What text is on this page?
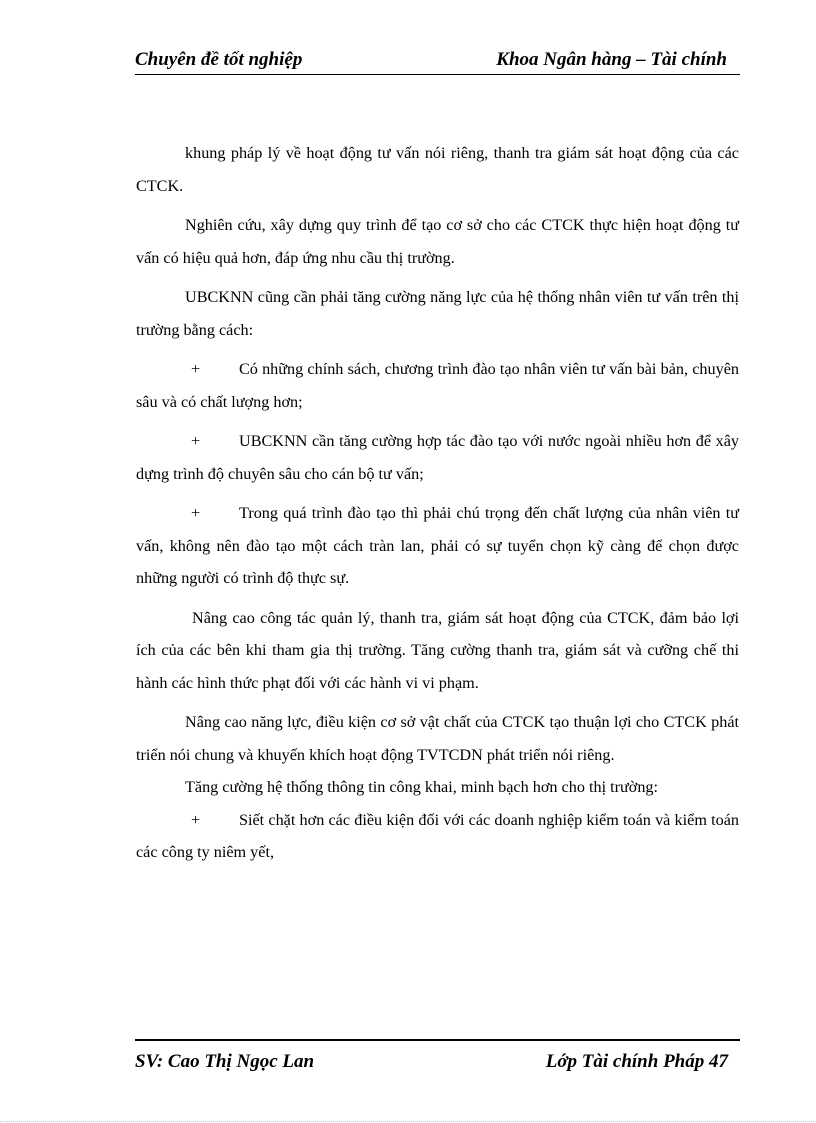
Chuyên đề tốt nghiệp	Khoa Ngân hàng – Tài chính

khung pháp lý về hoạt động tư vấn nói riêng, thanh tra giám sát hoạt động của các CTCK.

Nghiên cứu, xây dựng quy trình để tạo cơ sở cho các CTCK thực hiện hoạt động tư vấn có hiệu quả hơn, đáp ứng nhu cầu thị trường.

UBCKNN cũng cần phải tăng cường năng lực của hệ thống nhân viên tư vấn trên thị trường bằng cách:

+ Có những chính sách, chương trình đào tạo nhân viên tư vấn bài bản, chuyên sâu và có chất lượng hơn;

+ UBCKNN cần tăng cường hợp tác đào tạo với nước ngoài nhiều hơn để xây dựng trình độ chuyên sâu cho cán bộ tư vấn;

+ Trong quá trình đào tạo thì phải chú trọng đến chất lượng của nhân viên tư vấn, không nên đào tạo một cách tràn lan, phải có sự tuyển chọn kỹ càng để chọn được những người có trình độ thực sự.

Nâng cao công tác quản lý, thanh tra, giám sát hoạt động của CTCK, đảm bảo lợi ích của các bên khi tham gia thị trường. Tăng cường thanh tra, giám sát và cưỡng chế thi hành các hình thức phạt đối với các hành vi vi phạm.

Nâng cao năng lực, điều kiện cơ sở vật chất của CTCK tạo thuận lợi cho CTCK phát triển nói chung và khuyến khích hoạt động TVTCDN phát triển nói riêng.

Tăng cường hệ thống thông tin công khai, minh bạch hơn cho thị trường:

+ Siết chặt hơn các điều kiện đối với các doanh nghiệp kiểm toán và kiểm toán các công ty niêm yết,

SV: Cao Thị Ngọc Lan	Lớp Tài chính Pháp 47
